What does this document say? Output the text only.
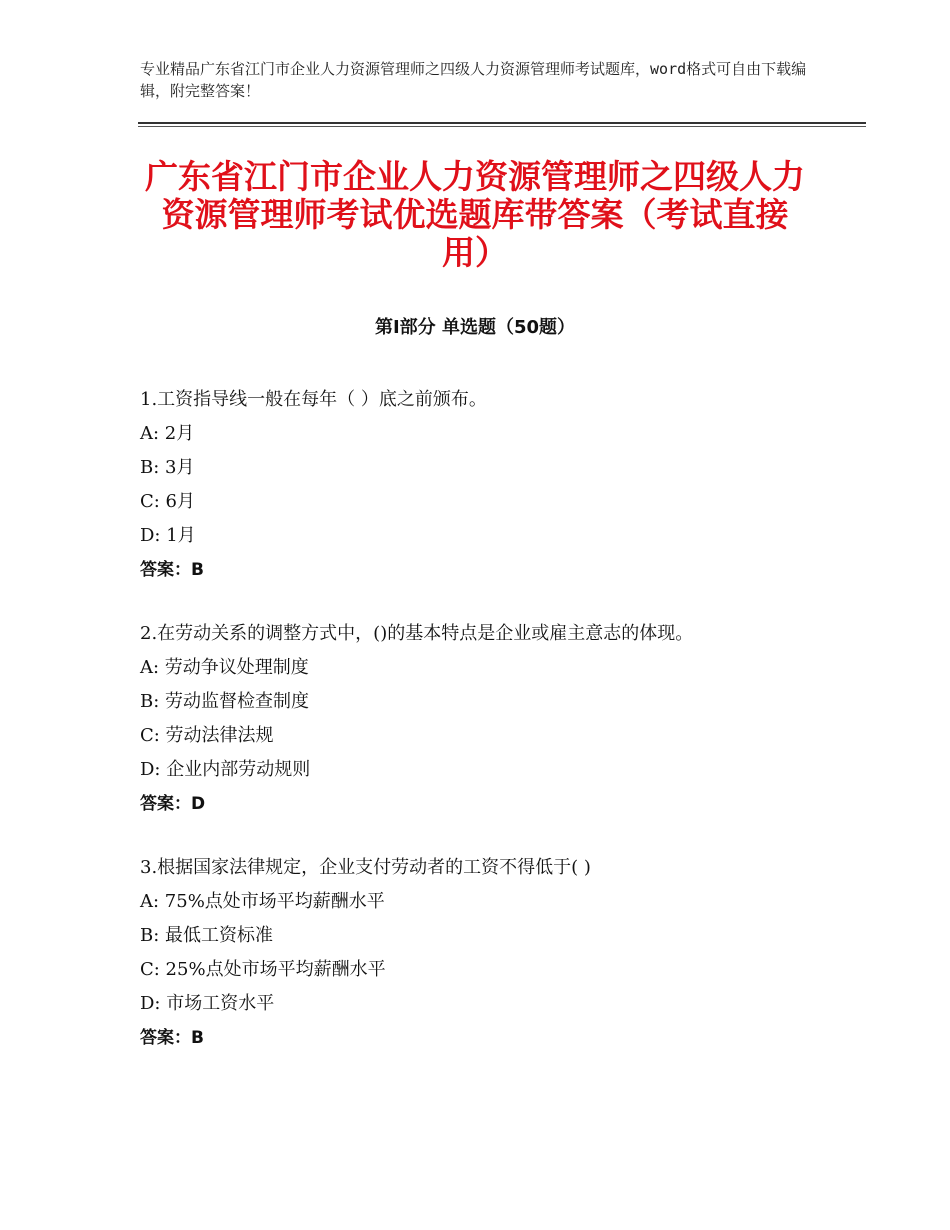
专业精品广东省江门市企业人力资源管理师之四级人力资源管理师考试题库，word格式可自由下载编辑，附完整答案！
广东省江门市企业人力资源管理师之四级人力资源管理师考试优选题库带答案（考试直接用）
第Ⅰ部分 单选题（50题）
1.工资指导线一般在每年（ ）底之前颁布。
A: 2月
B: 3月
C: 6月
D: 1月
答案：B
2.在劳动关系的调整方式中，()的基本特点是企业或雇主意志的体现。
A: 劳动争议处理制度
B: 劳动监督检查制度
C: 劳动法律法规
D: 企业内部劳动规则
答案：D
3.根据国家法律规定，企业支付劳动者的工资不得低于( )
A: 75%点处市场平均薪酬水平
B: 最低工资标准
C: 25%点处市场平均薪酬水平
D: 市场工资水平
答案：B
